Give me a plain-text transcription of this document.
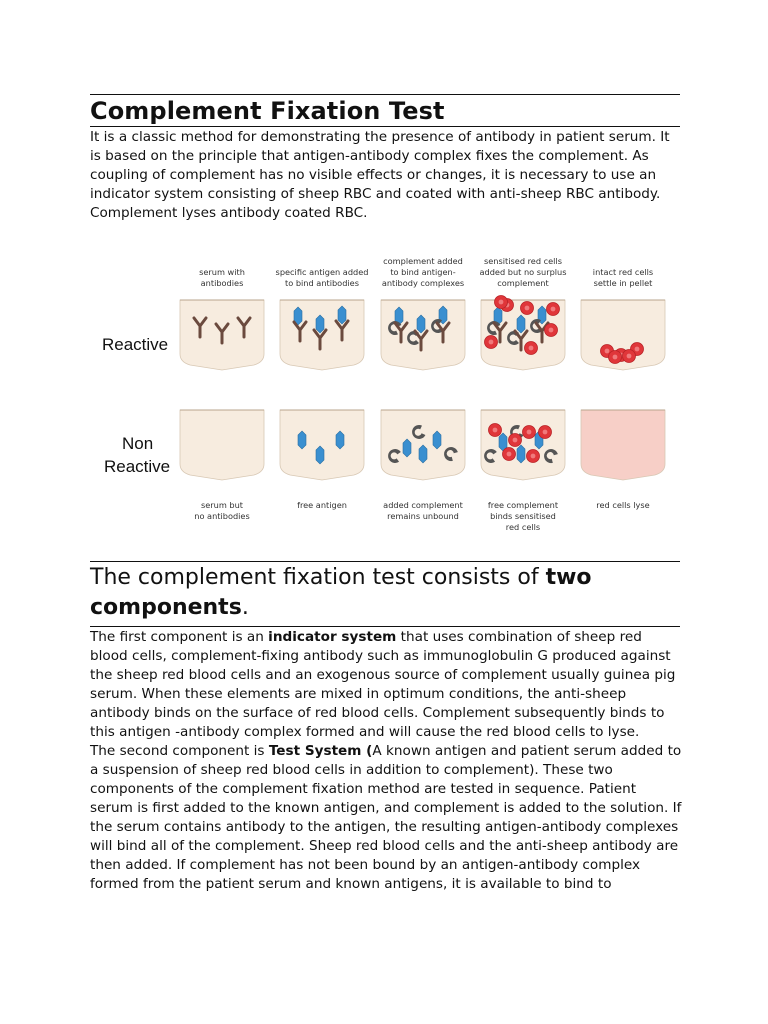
Complement Fixation Test

It is a classic method for demonstrating the presence of antibody in patient serum. It is based on the principle that antigen-antibody complex fixes the complement. As coupling of complement has no visible effects or changes, it is necessary to use an indicator system consisting of sheep RBC and coated with anti-sheep RBC antibody. Complement lyses antibody coated RBC.

The complement fixation test consists of two components.

The first component is an indicator system that uses combination of sheep red blood cells, complement-fixing antibody such as immunoglobulin G produced against the sheep red blood cells and an exogenous source of complement usually guinea pig serum. When these elements are mixed in optimum conditions, the anti-sheep antibody binds on the surface of red blood cells. Complement subsequently binds to this antigen -antibody complex formed and will cause the red blood cells to lyse.
The second component is Test System (A known antigen and patient serum added to a suspension of sheep red blood cells in addition to complement). These two components of the complement fixation method are tested in sequence. Patient serum is first added to the known antigen, and complement is added to the solution. If the serum contains antibody to the antigen, the resulting antigen-antibody complexes will bind all of the complement. Sheep red blood cells and the anti-sheep antibody are then added. If complement has not been bound by an antigen-antibody complex formed from the patient serum and known antigens, it is available to bind to

Reactive
Non
Reactive
serum with
antibodies
specific antigen added
to bind antibodies
complement added
to bind antigen-
antibody complexes
sensitised red cells
added but no surplus
complement
intact red cells
settle in pellet
serum but
no antibodies
free antigen	added complement
remains unbound
free complement
binds sensitised
red cells
red cells lyse
